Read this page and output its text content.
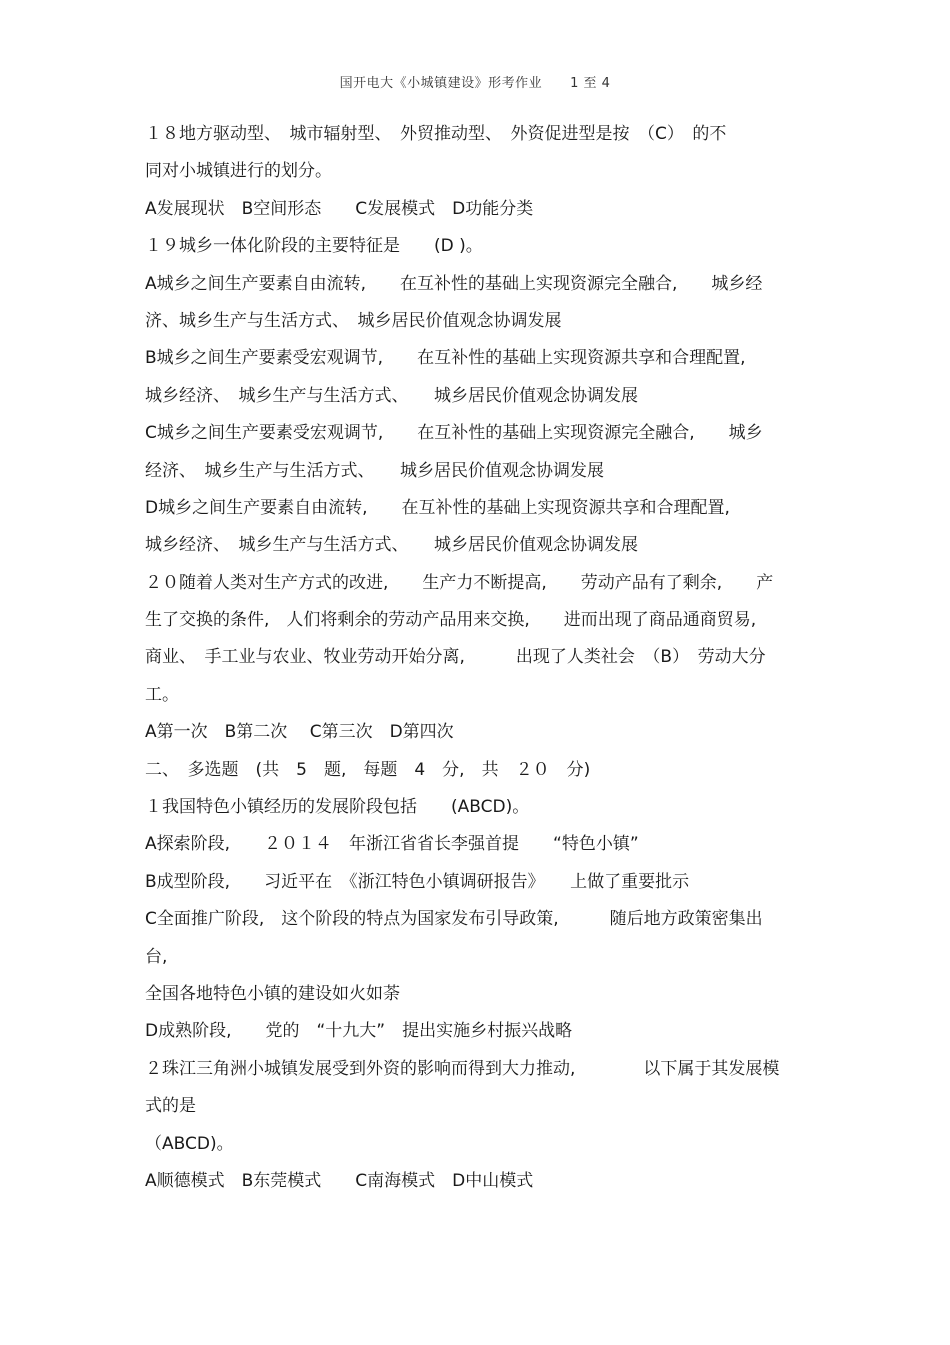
国开电大《小城镇建设》形考作业 1 至 4
１８地方驱动型、　城市辐射型、　外贸推动型、　外资促进型是按　（C）　的不
同对小城镇进行的划分。
A发展现状　B空间形态　　C发展模式　D功能分类
１９城乡一体化阶段的主要特征是　　(D )。
A城乡之间生产要素自由流转,　　在互补性的基础上实现资源完全融合,　　城乡经
济、城乡生产与生活方式、　城乡居民价值观念协调发展
B城乡之间生产要素受宏观调节,　　在互补性的基础上实现资源共享和合理配置,
城乡经济、　城乡生产与生活方式、　　城乡居民价值观念协调发展
C城乡之间生产要素受宏观调节,　　在互补性的基础上实现资源完全融合,　　城乡
经济、　城乡生产与生活方式、　　城乡居民价值观念协调发展
D城乡之间生产要素自由流转,　　在互补性的基础上实现资源共享和合理配置,
城乡经济、　城乡生产与生活方式、　　城乡居民价值观念协调发展
２０随着人类对生产方式的改进,　　生产力不断提高,　　劳动产品有了剩余,　　产
生了交换的条件,　人们将剩余的劳动产品用来交换,　　进而出现了商品通商贸易,
商业、　手工业与农业、牧业劳动开始分离,　　　出现了人类社会　（B）　劳动大分
工。
A第一次　B第二次　 C第三次　D第四次
二、　多选题　(共　5　题,　每题　4　分,　共　２０　分)
１我国特色小镇经历的发展阶段包括　　(ABCD)。
A探索阶段,　　２０１４　年浙江省省长李强首提　　“特色小镇”
B成型阶段,　　习近平在　《浙江特色小镇调研报告》　　上做了重要批示
C全面推广阶段,　这个阶段的特点为国家发布引导政策,　　　随后地方政策密集出
台,
全国各地特色小镇的建设如火如荼
D成熟阶段,　　党的　“十九大”　提出实施乡村振兴战略
２珠江三角洲小城镇发展受到外资的影响而得到大力推动,　　　　以下属于其发展模
式的是
（ABCD)。
A顺德模式　B东莞模式　　C南海模式　D中山模式
